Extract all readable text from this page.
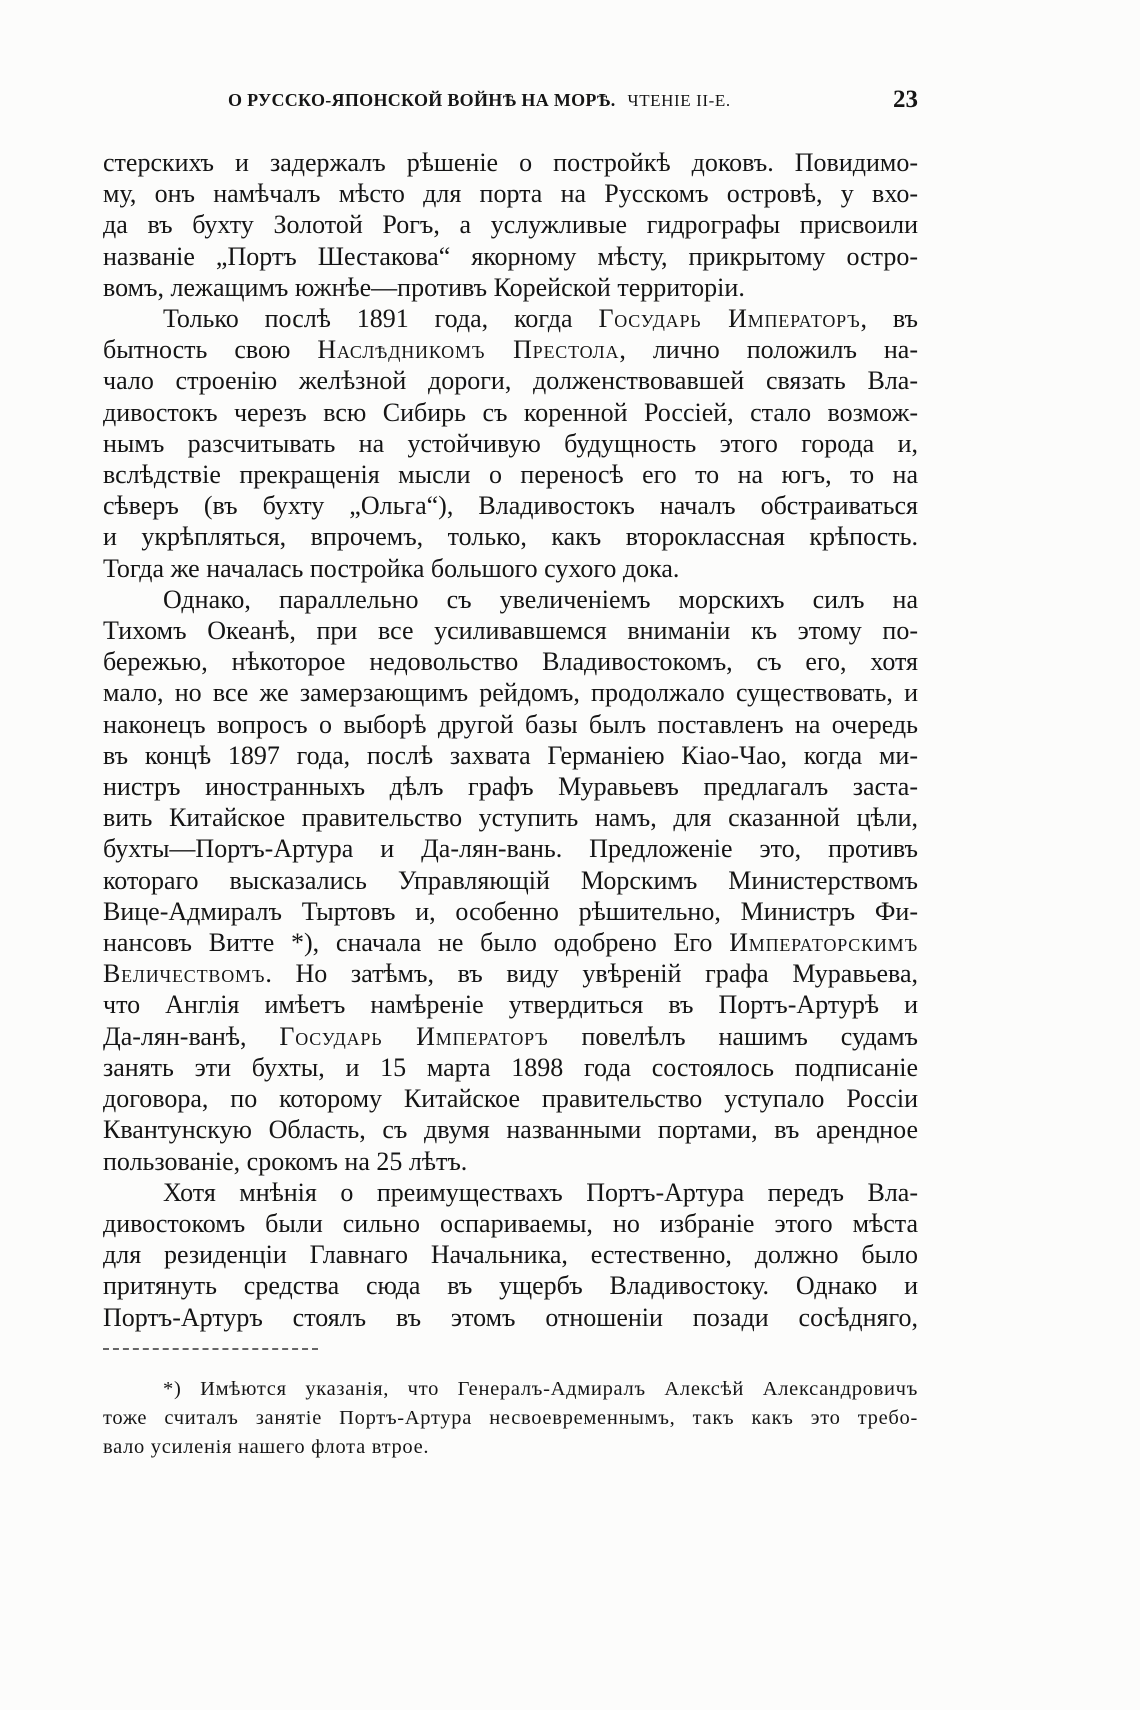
О РУССКО-ЯПОНСКОЙ ВОЙНѢ НА МОРѢ. ЧТЕНІЕ II-Е.	23
стерскихъ и задержалъ рѣшеніе о постройкѣ доковъ. Повидимо-
му, онъ намѣчалъ мѣсто для порта на Русскомъ островѣ, у вхо-
да въ бухту Золотой Рогъ, а услужливые гидрографы присвоили
названіе „Портъ Шестакова“ якорному мѣсту, прикрытому остро-
вомъ, лежащимъ южнѣе—противъ Корейской территоріи.
Только послѣ 1891 года, когда Государь Императоръ, въ
бытность свою Наслѣдникомъ Престола, лично положилъ на-
чало строенію желѣзной дороги, долженствовавшей связать Вла-
дивостокъ черезъ всю Сибирь съ коренной Россіей, стало возмож-
нымъ разсчитывать на устойчивую будущность этого города и,
вслѣдствіе прекращенія мысли о переносѣ его то на югъ, то на
сѣверъ (въ бухту „Ольга“), Владивостокъ началъ обстраиваться
и укрѣпляться, впрочемъ, только, какъ второклассная крѣпость.
Тогда же началась постройка большого сухого дока.
Однако, параллельно съ увеличеніемъ морскихъ силъ на
Тихомъ Океанѣ, при все усиливавшемся вниманіи къ этому по-
бережью, нѣкоторое недовольство Владивостокомъ, съ его, хотя
мало, но все же замерзающимъ рейдомъ, продолжало существовать, и
наконецъ вопросъ о выборѣ другой базы былъ поставленъ на очередь
въ концѣ 1897 года, послѣ захвата Германіею Кіао-Чао, когда ми-
нистръ иностранныхъ дѣлъ графъ Муравьевъ предлагалъ заста-
вить Китайское правительство уступить намъ, для сказанной цѣли,
бухты—Портъ-Артура и Да-лян-вань. Предложеніе это, противъ
котораго высказались Управляющій Морскимъ Министерствомъ
Вице-Адмиралъ Тыртовъ и, особенно рѣшительно, Министръ Фи-
нансовъ Витте *), сначала не было одобрено Его Императорскимъ
Величествомъ. Но затѣмъ, въ виду увѣреній графа Муравьева,
что Англія имѣетъ намѣреніе утвердиться въ Портъ-Артурѣ и
Да-лян-ванѣ, Государь Императоръ повелѣлъ нашимъ судамъ
занять эти бухты, и 15 марта 1898 года состоялось подписаніе
договора, по которому Китайское правительство уступало Россіи
Квантунскую Область, съ двумя названными портами, въ арендное
пользованіе, срокомъ на 25 лѣтъ.
Хотя мнѣнія о преимуществахъ Портъ-Артура передъ Вла-
дивостокомъ были сильно оспариваемы, но избраніе этого мѣста
для резиденціи Главнаго Начальника, естественно, должно было
притянуть средства сюда въ ущербъ Владивостоку. Однако и
Портъ-Артуръ стоялъ въ этомъ отношеніи позади сосѣдняго,
*) Имѣются указанія, что Генералъ-Адмиралъ Алексѣй Александровичъ
тоже считалъ занятіе Портъ-Артура несвоевременнымъ, такъ какъ это требо-
вало усиленія нашего флота втрое.
